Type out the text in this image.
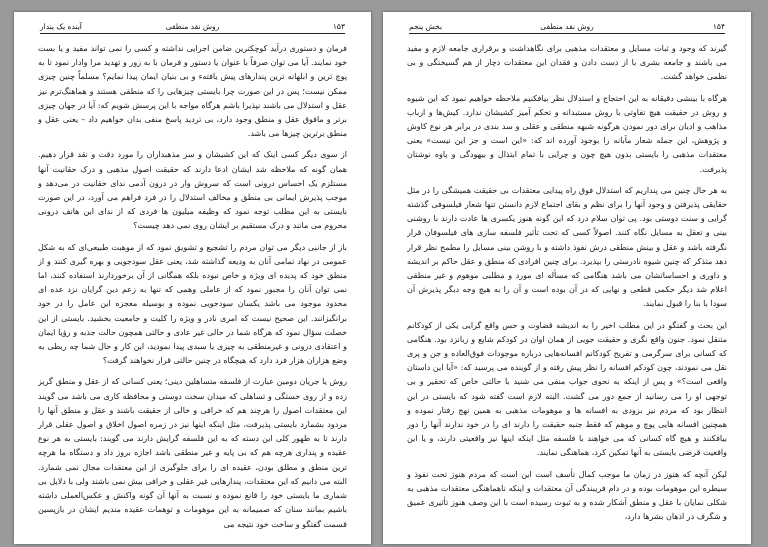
آینده یک پندار	روش نقد منطقی	۱۵۳

فرمان و دستوری درآید کوچکترین ضامن اجرایی نداشته و کسی را نمی تواند مفید و یا بست خود نمایند. آیا می توان صرفاً با عنوان یا دستور و فرمان با به زور و تهدید مرا وادار نمود تا به پوچ ترین و ابلهانه ترین پندارهای پیش یافتهء و بی بنیان ایمان پیدا نمایم؟ مسلماً چنین چیزی ممکن نیست؛ پس در این صورت چرا بایستی چیزهایی را که منطقی هستند و هماهنگ‌ترم نیز عقل و استدلال می باشند نپذیرا باشم هرگاه مواجه با این پرسش شویم که: آیا در جهان چیزی برتر و مافوق عقل و منطق وجود دارد، بی تردید پاسخ منفی بدان خواهیم داد – یعنی عقل و منطق برترین چیزها می باشد.

از سوی دیگر کسی اینک که این کشیشان و سر مذهبداران را مورد دقت و نقد قرار دهیم. همان گونه که ملاحظه شد ایشان ادعا دارند که حقیقت اصول مذهبی و درک حقانیت آنها مستلزم یک احساس درونی است که سروش وار در درون آدمی ندای حقانیت در می‌دهد و موجب پذیرش ایمانی بی منطق و مخالف استدلال را در فرد فراهم می آورد، در این صورت بایستی به این مطلب توجه نمود که وظیفه میلیون ها فردی که از ندای این هاتف درونی محروم می مانند و درک مستقیم بر ایشان روی نمی دهد چیست؟

باز از جانبی دیگر می توان مردم را تشجیع و تشویق نمود که از موهبت طبیعی‌ای که به شکل عمومی در نهاد تمامی آنان به ودیعه گذاشته شد، یعنی عقل سودجویی و بهره گیری کنند و از منطق خود که پدیده ای ویژه و خاص نبوده بلکه همگانی از آن برخوردارند استفاده کنند، اما نمی توان آنان را مجبور نمود که از عاملی وهمی که تنها به زعم دین گرایان نزد عده ای محدود موجود می باشد یکسان سودجویی نموده و بوسیله معجزه این عامل را در خود برانگیزانند. این صحیح نیست که امری نادر و ویژه را کلیت و جامعیت بخشید. بایستی از این خصلت سؤال نمود که هرگاه شما در حالی غیر عادی و حالتی همچون حالت جذبه و رؤیا ایمان و اعتقادی درونی و غیرمنطقی به چیزی یا سبدی پیدا نمودید، این کار و حال شما چه ربطی به وضع هزاران هزار فرد دارد که هیچگاه در چنین حالتی قرار نخواهند گرفت؟

روش یا جریان دومین عبارت از فلسفه متساهلین دینی؛ یعنی کسانی که از عقل و منطق گریز زده و از روی خستگی و تساهلی که میدان سخت دوستی و محافظه کاری می باشد می گویند این معتقدات اصول را هرچند هم که خرافی و خالی از حقیقت باشند و عقل و منطق آنها را مردود بشمارد بایستی پذیرفت، مثل اینکه اینها نیز در زمره اصول اخلاق و اصول عقلی قرار دارند تا به ظهور کلی این دسته که به این فلسفه گرایش دارند می گویند: بایستی به هر نوع عقیده و پنداری هرچه هم که بی پایه و غیر منطقی باشد اجازه بروز داد و دستگاه ما هرچه ترین منطق و مطلق بودن، عقیده ای را برای جلوگیری از این معتقدات مجال نمی شمارد. البته می دانیم که این معتقدات، پندارهایی غیر عقلی و خرافی بیش نمی باشند ولی با دلایل بی شماری ما بایستی خود را قانع نموده و نسبت به آنها آن گونه واکنش و عکس‌العملی داشته باشیم بمانند سنان که صمیمانه به این موهومات و توهمات عقیده مندیم ایشان در بازپسین قسمت گفتگو و ساخت خود نتیجه می

بخش پنجم	روش نقد منطقی	۱۵۴

گیرند که وجود و ثبات مسایل و معتقدات مذهبی برای نگاهداشت و برقراری جامعه لازم و مفید می باشند و جامعه بشری با از دست دادن و فقدان این معتقدات دچار از هم گسیختگی و بی نظمی خواهد گشت.

هرگاه با بینشی دقیقانه به این احتجاج و استدلال نظر بیافکنیم ملاحظه خواهیم نمود که این شیوه و روش در حقیقت هیچ تفاوتی با روش مستبدانه و تحکم آمیز کشیشان ندارد. کیش‌ها و ارباب مذاهب و ادیان برای دور نمودن هرگونه شبهه منطقی و عقلی و سد بندی در برابر هر نوع کاوش و پژوهش، این جمله شعار مآبانه را بوجود آورده اند که: «این است و جز این نیست» یعنی معتقدات مذهبی را بایستی بدون هیچ چون و چرایی با تمام ابتذال و بیهودگی و یاوه نوشتان پذیرفت.

به هر حال چنین می پنداریم که استدلال فوق راه پیدایی معتقدات بی حقیقت همیشگی را در مثل حقایقی پذیرفتن و وجود آنها را برای نظم و بقای اجتماع لازم دانستن تنها شعار فیلسوفی گذشته گرایی و سنت دوستی بود. پی توان سلام درد که این گونه هنوز یکسری ها عادت دارند با روشنی بینی و تعقل به مسایل نگاه کنند. اصولاً کسی که تحت تأثیر فلسفه سازی های فیلسوفان قرار نگرفته باشد و عقل و بینش منطقی درش نفوذ داشته و با روشن بینی مسایل را مطمح نظر قرار دهد متذکر که چنین شیوه نادرستی را بپذیرد. برای چنین افرادی که منطق و عقل حاکم بر اندیشه و داوری و احساساتشان می باشد هنگامی که مسأله ای مورد و مطلبی موهوم و غیر منطقی اعلام شد دیگر حکمی قطعی و نهایی که در آن بوده است و آن را به هیچ وجه دیگر پذیرش آن سودا با بنا را قبول نمایند.

این بحث و گفتگو در این مطلب اخیر را به اندیشه قضاوت و حس واقع گرایی یکی از کودکانم متنقل نمود. جنون واقع نگری و حقیقت جویی از همان اوان در کودکم شایع و زبانزد بود. هنگامی که کسانی برای سرگرمی و تفریح کودکانم افسانه‌هایی درباره موجودات فوق‌العاده و جن و پری نقل می نمودند، چون کودکم افسانه را نظر پیش رفته و از گوینده می پرسید که: «آیا این داستان واقعی است؟» و پس از اینکه به نحوی جواب منفی می شنید با حالتی خاص که تحقیر و بی توجهی او را می رسانید از جمع دور می گشت. البته لازم است گفته شود که بایستی در این انتظار بود که مردم نیز بزودی به افسانه ها و موهومات مذهبی به همین نهج رفتار نموده و همچنین افسانه هایی پوچ و موهم که فقط جنبه حقیقت را دارند ای را در خود ندارند آنها را دور بیافکنند و هیچ گاه کسانی که می خواهند با فلسفه مثل اینکه اینها نیز واقعیتی دارند، و یا این واقعیت قرضی بایستی به آنها تمکین کرد، هماهنگی نمایند.

لیکن آنچه که هنوز در زمان ما موجب کمال تأسف است این است که مردم هنوز تحت نفوذ و سیطره این موهومات بوده و در دام فریبندگی آن معتقدات و اینکه ناهماهنگی معتقدات مذهبی به شکلی نمایان با عقل و منطق آشکار شده و به ثبوت رسیده است با این وصف هنوز تأثیری عمیق و شگرف در اذهان بشرها دارد،
